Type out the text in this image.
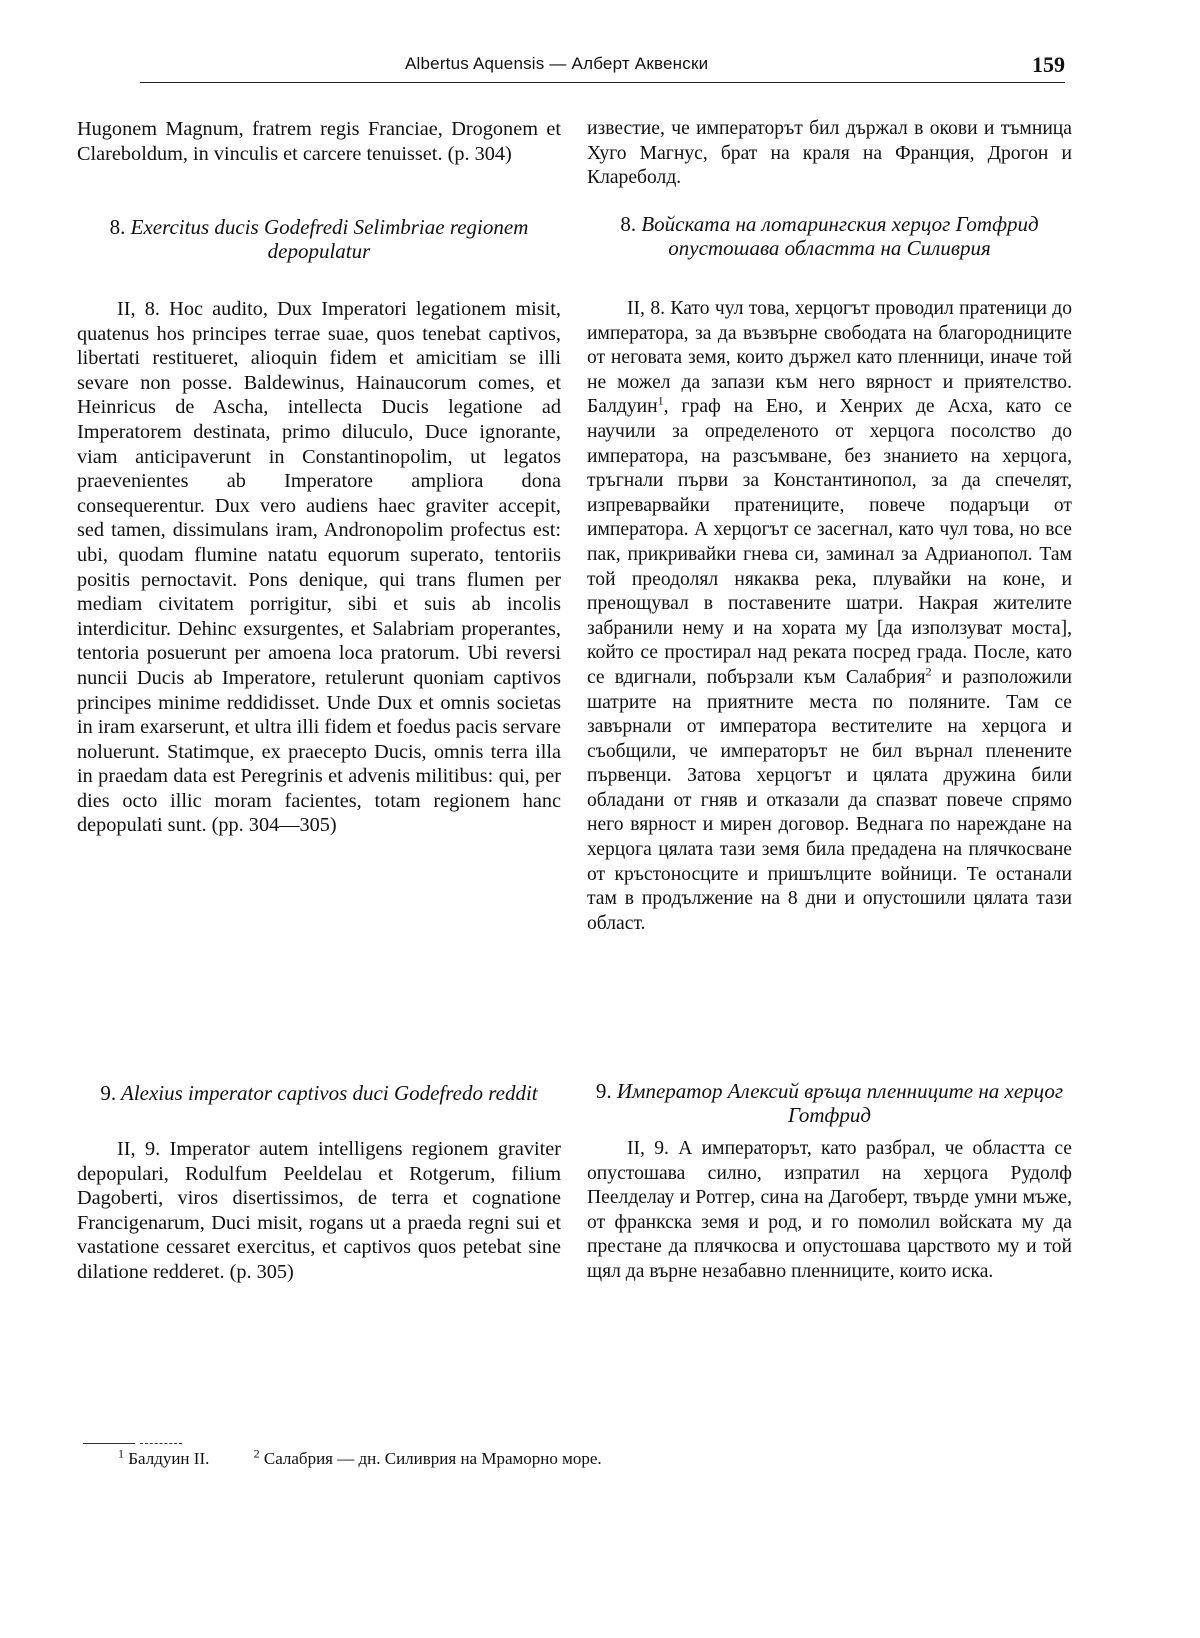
Albertus Aquensis — Алберт Аквенски	159

Hugonem Magnum, fratrem regis Franciae, Drogonem et Clareboldum, in vinculis et carcere tenuisset. (p. 304)

известие, че императорът бил държал в окови и тъмница Хуго Магнус, брат на краля на Франция, Дрогон и Клареболд.

8. Exercitus ducis Godefredi Selimbriae regionem depopulatur
8. Войската на лотарингския херцог Готфрид опустошава областта на Силиврия

II, 8. Hoc audito, Dux Imperatori legationem misit, quatenus hos principes terrae suae, quos tenebat captivos, libertati restitueret, alioquin fidem et amicitiam se illi sevare non posse. Baldewinus, Hainaucorum comes, et Heinricus de Ascha, intellecta Ducis legatione ad Imperatorem destinata, primo diluculo, Duce ignorante, viam anticipaverunt in Constantinopolim, ut legatos praevenientes ab Imperatore ampliora dona consequerentur. Dux vero audiens haec graviter accepit, sed tamen, dissimulans iram, Andronopolim profectus est: ubi, quodam flumine natatu equorum superato, tentoriis positis pernoctavit. Pons denique, qui trans flumen per mediam civitatem porrigitur, sibi et suis ab incolis interdicitur. Dehinc exsurgentes, et Salabriam properantes, tentoria posuerunt per amoena loca pratorum. Ubi reversi nuncii Ducis ab Imperatore, retulerunt quoniam captivos principes minime reddidisset. Unde Dux et omnis societas in iram exarserunt, et ultra illi fidem et foedus pacis servare noluerunt. Statimque, ex praecepto Ducis, omnis terra illa in praedam data est Peregrinis et advenis militibus: qui, per dies octo illic moram facientes, totam regionem hanc depopulati sunt. (pp. 304—305)

II, 8. Като чул това, херцогът проводил пратеници до императора, за да възвърне свободата на благородниците от неговата земя, които държел като пленници, иначе той не можел да запази към него вярност и приятелство. Балдуин$^1$, граф на Ено, и Хенрих де Асха, като се научили за определеното от херцога посолство до императора, на разсъмване, без знанието на херцога, тръгнали първи за Константинопол, за да спечелят, изпреварвайки пратениците, повече подаръци от императора. А херцогът се засегнал, като чул това, но все пак, прикривайки гнева си, заминал за Адрианопол. Там той преодолял някаква река, плувайки на коне, и пренощувал в поставените шатри. Накрая жителите забранили нему и на хората му [да използуват моста], който се простирал над реката посред града. После, като се вдигнали, побързали към Салабрия$^2$ и разположили шатрите на приятните места по поляните. Там се завърнали от императора вестителите на херцога и съобщили, че императорът не бил върнал пленените първенци. Затова херцогът и цялата дружина били обладани от гняв и отказали да спазват повече спрямо него вярност и мирен договор. Веднага по нареждане на херцога цялата тази земя била предадена на плячкосване от кръстоносците и пришълците войници. Те останали там в продължение на 8 дни и опустошили цялата тази област.

9. Alexius imperator captivos duci Godefredo reddit	9. Император Алексий връща пленниците на херцог Готфрид

II, 9. Imperator autem intelligens regionem graviter depopulari, Rodulfum Peeldelau et Rotgerum, filium Dagoberti, viros disertissimos, de terra et cognatione Francigenarum, Duci misit, rogans ut a praeda regni sui et vastatione cessaret exercitus, et captivos quos petebat sine dilatione redderet. (p. 305)

II, 9. А императорът, като разбрал, че областта се опустошава силно, изпратил на херцога Рудолф Пеелделау и Ротгер, сина на Дагоберт, твърде умни мъже, от франкска земя и род, и го помолил войската му да престане да плячкосва и опустошава царството му и той щял да върне незабавно пленниците, които иска.

$^1$ Балдуин II.	$^2$ Салабрия — дн. Силиврия на Мраморно море.
